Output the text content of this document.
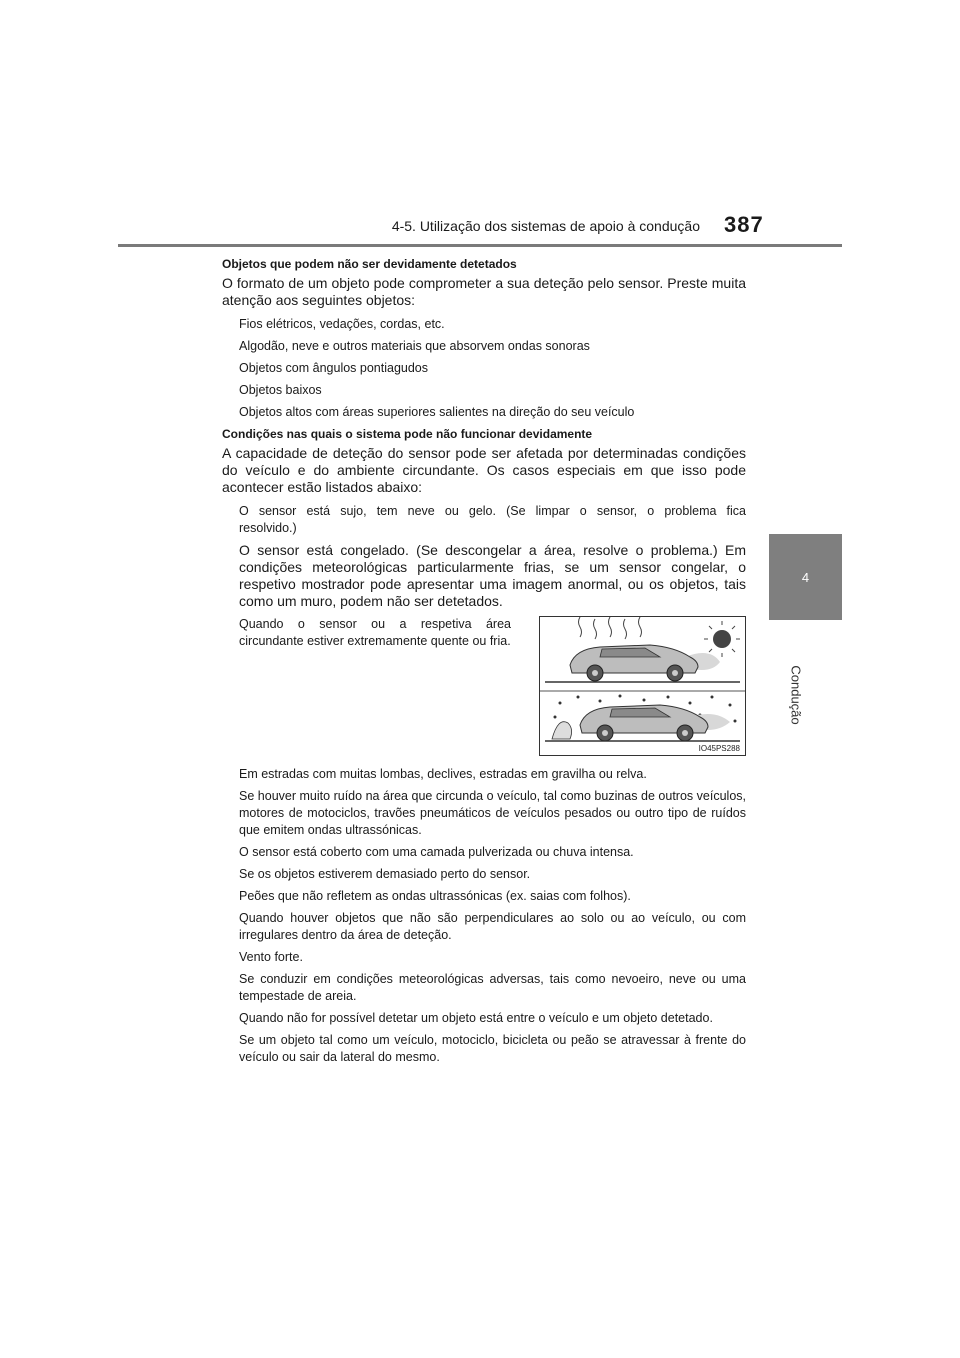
4-5. Utilização dos sistemas de apoio à condução 387
4
Condução
Objetos que podem não ser devidamente detetados

O formato de um objeto pode comprometer a sua deteção pelo sensor. Preste muita atenção aos seguintes objetos:

Fios elétricos, vedações, cordas, etc.
Algodão, neve e outros materiais que absorvem ondas sonoras
Objetos com ângulos pontiagudos
Objetos baixos
Objetos altos com áreas superiores salientes na direção do seu veículo
Condições nas quais o sistema pode não funcionar devidamente

A capacidade de deteção do sensor pode ser afetada por determinadas condições do veículo e do ambiente circundante. Os casos especiais em que isso pode acontecer estão listados abaixo:

O sensor está sujo, tem neve ou gelo. (Se limpar o sensor, o problema fica resolvido.)
O sensor está congelado. (Se descongelar a área, resolve o problema.) Em condições meteorológicas particularmente frias, se um sensor congelar, o respetivo mostrador pode apresentar uma imagem anormal, ou os objetos, tais como um muro, podem não ser detetados.
Quando o sensor ou a respetiva área circundante estiver extremamente quente ou fria.
IO45PS288
Em estradas com muitas lombas, declives, estradas em gravilha ou relva.
Se houver muito ruído na área que circunda o veículo, tal como buzinas de outros veículos, motores de motociclos, travões pneumáticos de veículos pesados ou outro tipo de ruídos que emitem ondas ultrassónicas.
O sensor está coberto com uma camada pulverizada ou chuva intensa.
Se os objetos estiverem demasiado perto do sensor.
Peões que não refletem as ondas ultrassónicas (ex. saias com folhos).
Quando houver objetos que não são perpendiculares ao solo ou ao veículo, ou com irregulares dentro da área de deteção.
Vento forte.
Se conduzir em condições meteorológicas adversas, tais como nevoeiro, neve ou uma tempestade de areia.
Quando não for possível detetar um objeto está entre o veículo e um objeto detetado.
Se um objeto tal como um veículo, motociclo, bicicleta ou peão se atravessar à frente do veículo ou sair da lateral do mesmo.
